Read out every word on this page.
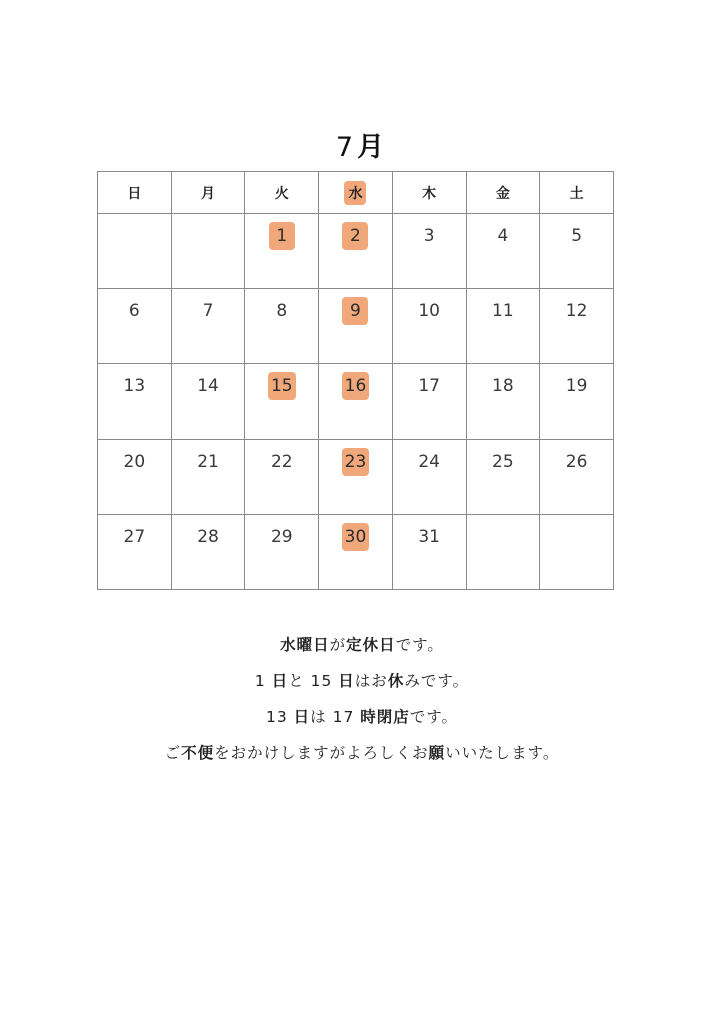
7月
日	月	火	水	木	金	土
		1	2	3	4	5
6	7	8	9	10	11	12
13	14	15	16	17	18	19
20	21	22	23	24	25	26
27	28	29	30	31		

水曜日が定休日です。

1 日と 15 日はお休みです。

13 日は 17 時閉店です。

ご不便をおかけしますがよろしくお願いいたします。
